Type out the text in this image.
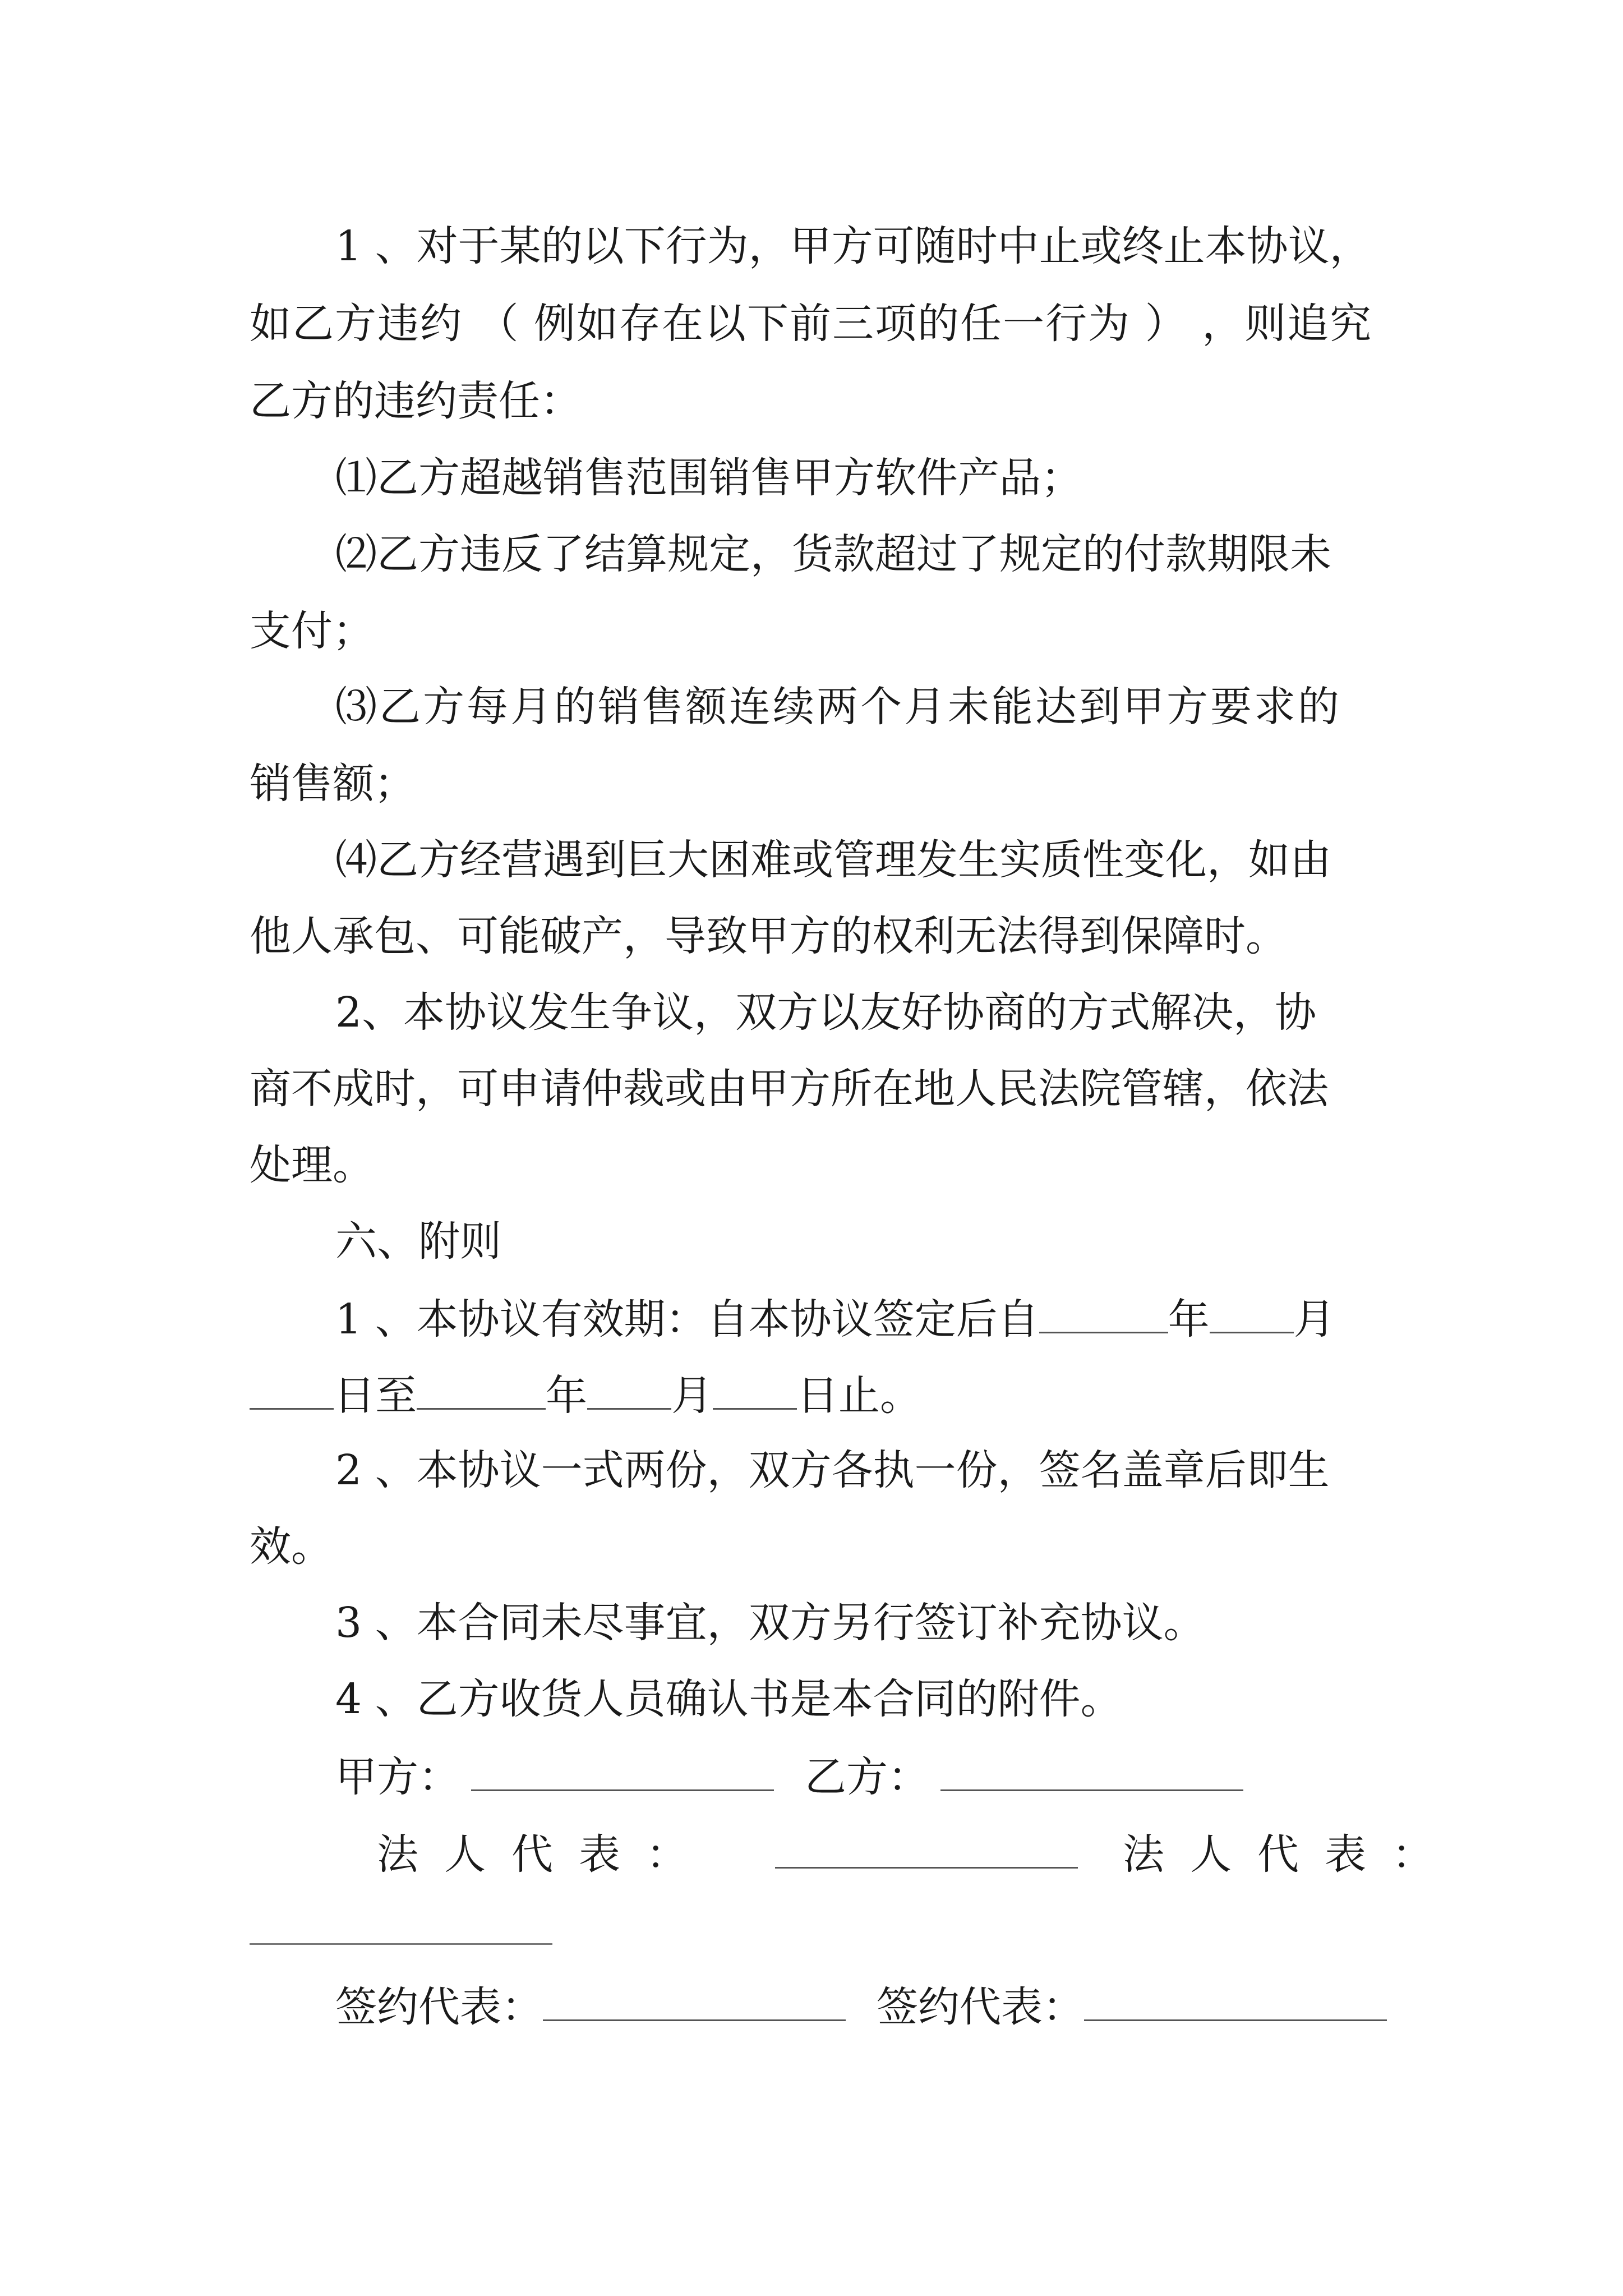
1 、对于某的以下行为，甲方可随时中止或终止本协议，
如乙方违约 （ 例如存在以下前三项的任一行为 ） ，则追究
乙方的违约责任：
⑴乙方超越销售范围销售甲方软件产品；
⑵乙方违反了结算规定，货款超过了规定的付款期限未
支付；
⑶乙方每月的销售额连续两个月未能达到甲方要求的
销售额；
⑷乙方经营遇到巨大困难或管理发生实质性变化，如由
他人承包、可能破产，导致甲方的权利无法得到保障时。
2、本协议发生争议，双方以友好协商的方式解决，协
商不成时，可申请仲裁或由甲方所在地人民法院管辖，依法
处理。
六、附则
1 、本协议有效期：自本协议签定后自	年 月
日至	年 月 日止。
2 、本协议一式两份，双方各执一份，签名盖章后即生
效。
3 、本合同未尽事宜，双方另行签订补充协议。
4 、乙方收货人员确认书是本合同的附件。
甲方：	乙方：
法人代表：	法人代表：
签约代表：	签约代表：
